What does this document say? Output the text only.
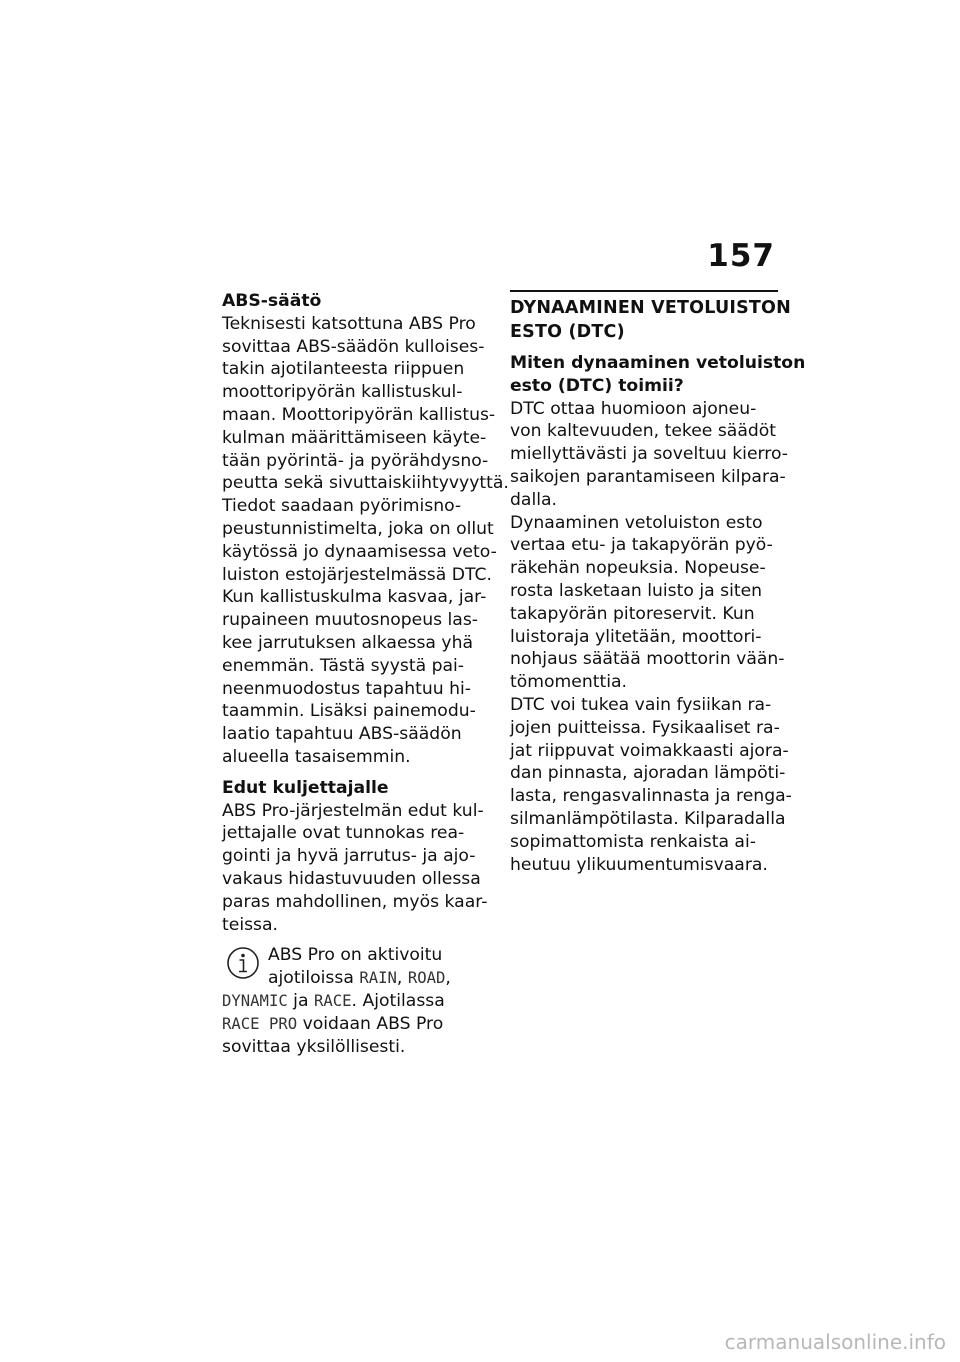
157
ABS-säätö
Teknisesti katsottuna ABS Pro
sovittaa ABS-säädön kulloises-
takin ajotilanteesta riippuen
moottoripyörän kallistuskul-
maan. Moottoripyörän kallistus-
kulman määrittämiseen käyte-
tään pyörintä- ja pyörähdysno-
peutta sekä sivuttaiskiihtyvyyttä.
Tiedot saadaan pyörimisno-
peustunnistimelta, joka on ollut
käytössä jo dynaamisessa veto-
luiston estojärjestelmässä DTC.
Kun kallistuskulma kasvaa, jar-
rupaineen muutosnopeus las-
kee jarrutuksen alkaessa yhä
enemmän. Tästä syystä pai-
neenmuodostus tapahtuu hi-
taammin. Lisäksi painemodu-
laatio tapahtuu ABS-säädön
alueella tasaisemmin.
Edut kuljettajalle
ABS Pro-järjestelmän edut kul-
jettajalle ovat tunnokas rea-
gointi ja hyvä jarrutus- ja ajo-
vakaus hidastuvuuden ollessa
paras mahdollinen, myös kaar-
teissa.
ABS Pro on aktivoitu
ajotiloissa RAIN, ROAD,
DYNAMIC ja RACE. Ajotilassa
RACE PRO voidaan ABS Pro
sovittaa yksilöllisesti.
DYNAAMINEN VETOLUISTON
ESTO (DTC)
Miten dynaaminen vetoluiston
esto (DTC) toimii?
DTC ottaa huomioon ajoneu-
von kaltevuuden, tekee säädöt
miellyttävästi ja soveltuu kierro-
saikojen parantamiseen kilpara-
dalla.
Dynaaminen vetoluiston esto
vertaa etu- ja takapyörän pyö-
räkehän nopeuksia. Nopeuse-
rosta lasketaan luisto ja siten
takapyörän pitoreservit. Kun
luistoraja ylitetään, moottori-
nohjaus säätää moottorin vään-
tömomenttia.
DTC voi tukea vain fysiikan ra-
jojen puitteissa. Fysikaaliset ra-
jat riippuvat voimakkaasti ajora-
dan pinnasta, ajoradan lämpöti-
lasta, rengasvalinnasta ja renga-
silmanlämpötilasta. Kilparadalla
sopimattomista renkaista ai-
heutuu ylikuumentumisvaara.
carmanualsonline.info
